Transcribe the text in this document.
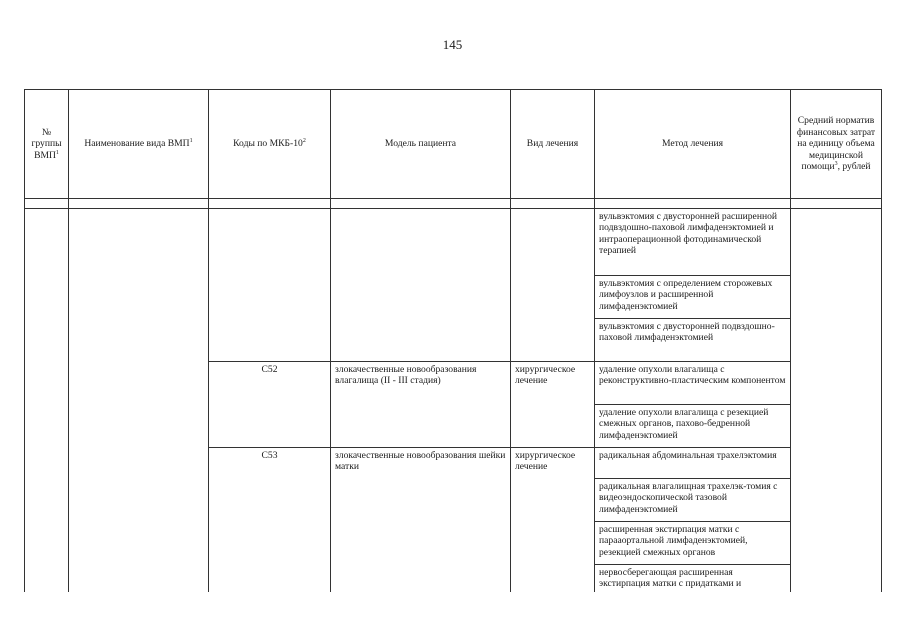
145
№ группы ВМП$^1$	Наименование вида ВМП$^1$	Коды по МКБ-$10^2$	Модель пациента	Вид лечения	Метод лечения	Средний норматив финансовых затрат на единицу объема медицинской помощи$^3$, рублей

					вульвэктомия с двусторонней расширенной подвздошно-паховой лимфаденэктомией и интраоперационной фотодинамической терапией	
					вульвэктомия с определением сторожевых лимфоузлов и расширенной лимфаденэктомией	
					вульвэктомия с двусторонней подвздошно-паховой лимфаденэктомией	
		C52	злокачественные новообразования влагалища (II - III стадия)	хирургическое лечение	удаление опухоли влагалища с реконструктивно-пластическим компонентом	
					удаление опухоли влагалища с резекцией смежных органов, пахово-бедренной лимфаденэктомией	
		C53	злокачественные новообразования шейки матки	хирургическое лечение	радикальная абдоминальная трахелэктомия	
					радикальная влагалищная трахелэк-томия с видеоэндоскопической тазовой лимфаденэктомией	
					расширенная экстирпация матки с парааортальной лимфаденэктомией, резекцией смежных органов	
					нервосберегающая расширенная экстирпация матки с придатками и	
